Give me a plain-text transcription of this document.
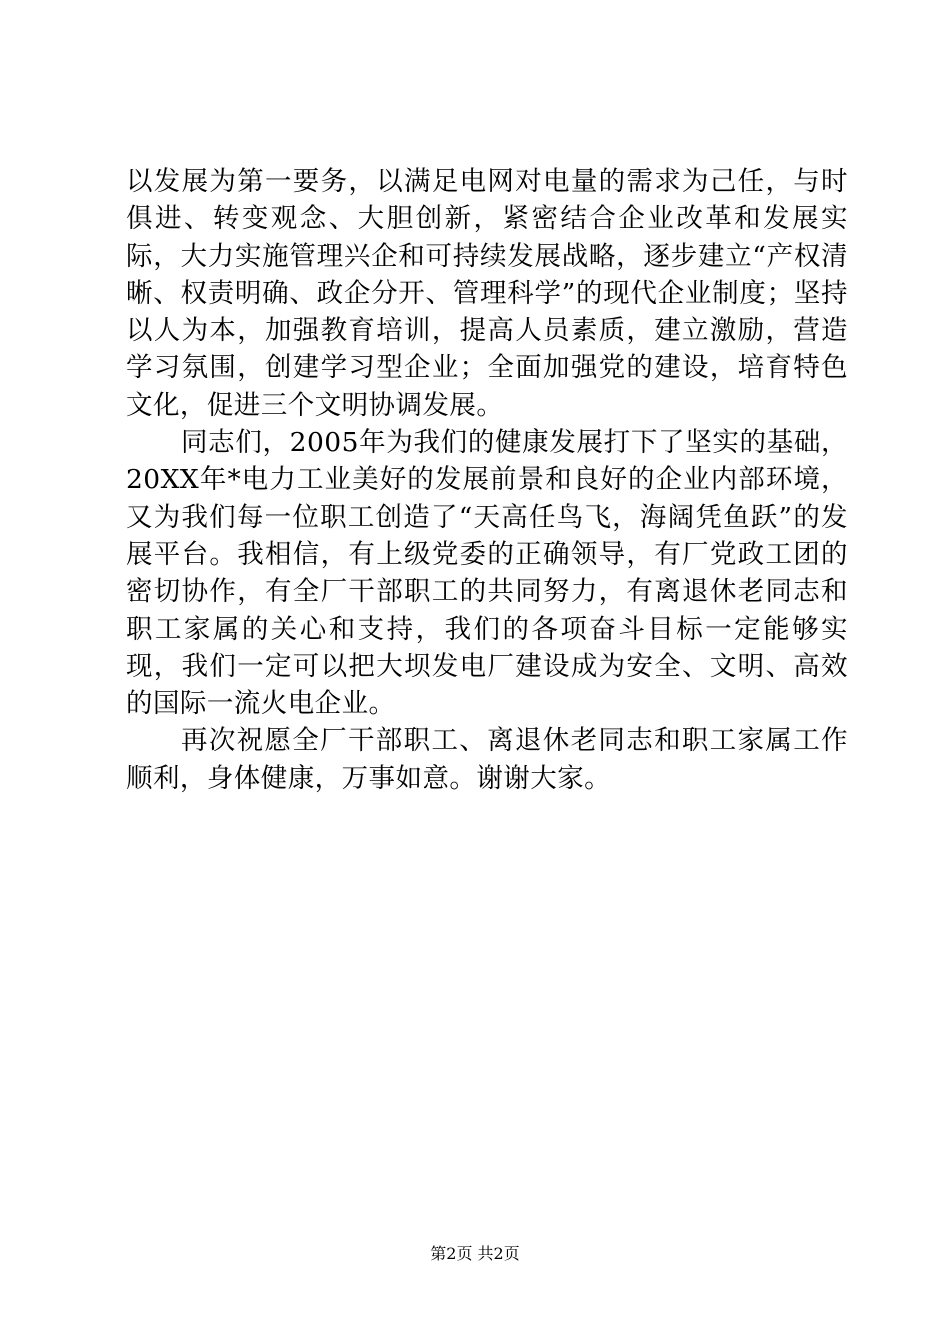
以发展为第一要务，以满足电网对电量的需求为己任，与时俱进、转变观念、大胆创新，紧密结合企业改革和发展实际，大力实施管理兴企和可持续发展战略，逐步建立“产权清晰、权责明确、政企分开、管理科学”的现代企业制度；坚持以人为本，加强教育培训，提高人员素质，建立激励，营造学习氛围，创建学习型企业；全面加强党的建设，培育特色文化，促进三个文明协调发展。

同志们，2005年为我们的健康发展打下了坚实的基础，20XX年*电力工业美好的发展前景和良好的企业内部环境，又为我们每一位职工创造了“天高任鸟飞，海阔凭鱼跃”的发展平台。我相信，有上级党委的正确领导，有厂党政工团的密切协作，有全厂干部职工的共同努力，有离退休老同志和职工家属的关心和支持，我们的各项奋斗目标一定能够实现，我们一定可以把大坝发电厂建设成为安全、文明、高效的国际一流火电企业。

再次祝愿全厂干部职工、离退休老同志和职工家属工作顺利，身体健康，万事如意。谢谢大家。

第2页 共2页
